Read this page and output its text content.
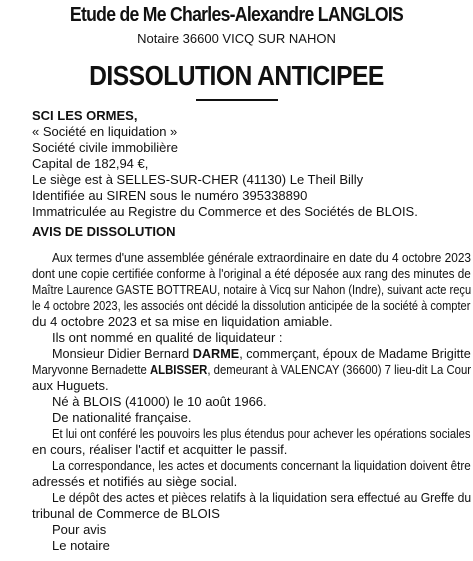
Etude de Me Charles-Alexandre LANGLOIS
Notaire 36600 VICQ SUR NAHON
DISSOLUTION ANTICIPEE
SCI LES ORMES,
« Société en liquidation »
Société civile immobilière
Capital de 182,94 €,
Le siège est à SELLES-SUR-CHER (41130) Le Theil Billy
Identifiée au SIREN sous le numéro 395338890
Immatriculée au Registre du Commerce et des Sociétés de BLOIS.
AVIS DE DISSOLUTION
Aux termes d'une assemblée générale extraordinaire en date du 4 octobre 2023
dont une copie certifiée conforme à l'original a été déposée aux rang des minutes de
Maître Laurence GASTE BOTTREAU, notaire à Vicq sur Nahon (Indre), suivant acte reçu
le 4 octobre 2023, les associés ont décidé la dissolution anticipée de la société à compter
du 4 octobre 2023 et sa mise en liquidation amiable.
Ils ont nommé en qualité de liquidateur :
Monsieur Didier Bernard DARME, commerçant, époux de Madame Brigitte
Maryvonne Bernadette ALBISSER, demeurant à VALENCAY (36600) 7 lieu-dit La Cour
aux Huguets.
Né à BLOIS (41000) le 10 août 1966.
De nationalité française.
Et lui ont conféré les pouvoirs les plus étendus pour achever les opérations sociales
en cours, réaliser l'actif et acquitter le passif.
La correspondance, les actes et documents concernant la liquidation doivent être
adressés et notifiés au siège social.
Le dépôt des actes et pièces relatifs à la liquidation sera effectué au Greffe du
tribunal de Commerce de BLOIS
Pour avis
Le notaire
